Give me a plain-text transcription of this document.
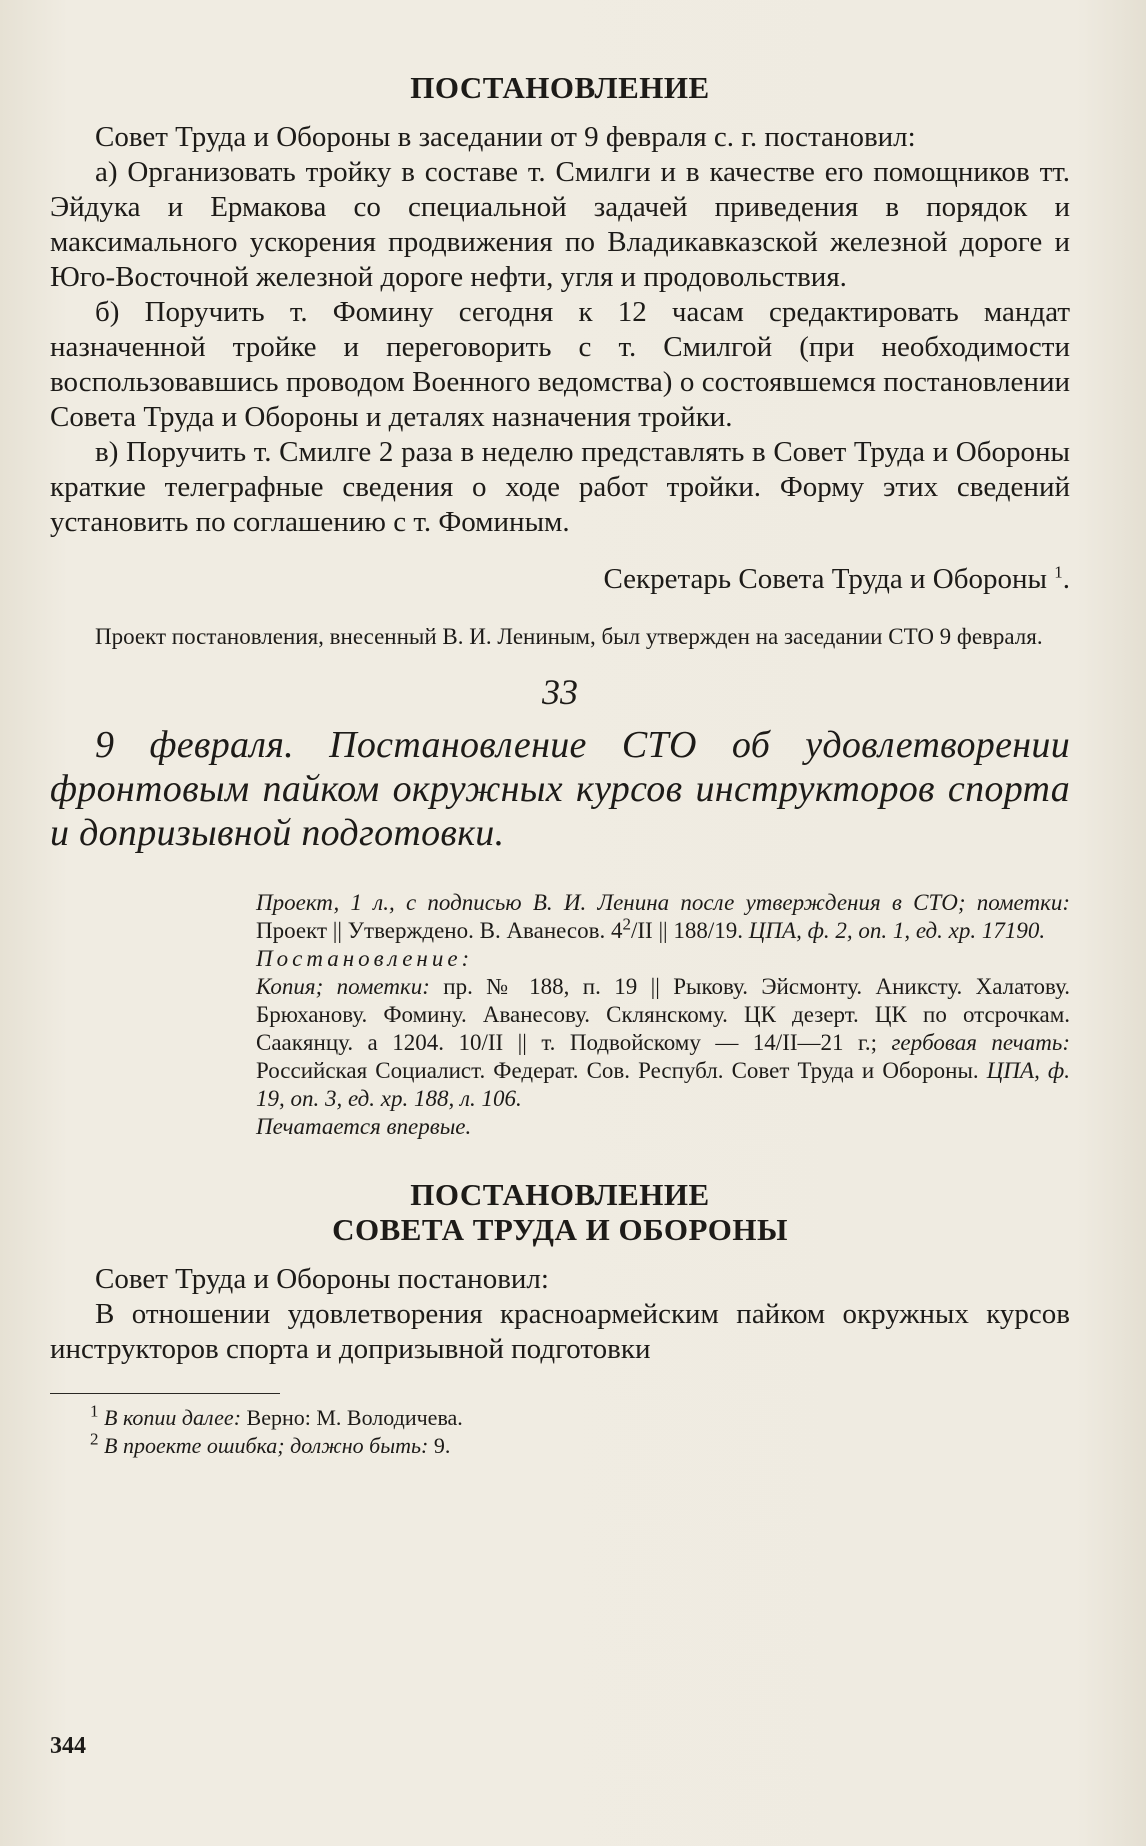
ПОСТАНОВЛЕНИЕ

Совет Труда и Обороны в заседании от 9 февраля с. г. постановил:

а) Организовать тройку в составе т. Смилги и в качестве его помощников тт. Эйдука и Ермакова со специальной задачей приведения в порядок и максимального ускорения продвижения по Владикавказской железной дороге и Юго-Восточной железной дороге нефти, угля и продовольствия.

б) Поручить т. Фомину сегодня к 12 часам средактировать мандат назначенной тройке и переговорить с т. Смилгой (при необходимости воспользовавшись проводом Военного ведомства) о состоявшемся постановлении Совета Труда и Обороны и деталях назначения тройки.

в) Поручить т. Смилге 2 раза в неделю представлять в Совет Труда и Обороны краткие телеграфные сведения о ходе работ тройки. Форму этих сведений установить по соглашению с т. Фоминым.

Секретарь Совета Труда и Обороны $^1$.

Проект постановления, внесенный В. И. Лениным, был утвержден на заседании СТО 9 февраля.

33

9 февраля. Постановление СТО об удовлетворении фронтовым пайком окружных курсов инструкторов спорта и допризывной подготовки.

Проект, 1 л., с подписью В. И. Ленина после утверждения в СТО; пометки: Проект || Утверждено. В. Аванесов. $4^2/II$ || 188/19. ЦПА, ф. 2, оп. 1, ед. хр. 17190.

Постановление:

Копия; пометки: пр. № 188, п. 19 || Рыкову. Эйсмонту. Аниксту. Халатову. Брюханову. Фомину. Аванесову. Склянскому. ЦК дезерт. ЦК по отсрочкам. Саакянцу. а 1204. 10/II || т. Подвойскому — 14/II—21 г.; гербовая печать: Российская Социалист. Федерат. Сов. Республ. Совет Труда и Обороны. ЦПА, ф. 19, оп. 3, ед. хр. 188, л. 106.

Печатается впервые.

ПОСТАНОВЛЕНИЕ
СОВЕТА ТРУДА И ОБОРОНЫ

Совет Труда и Обороны постановил:

В отношении удовлетворения красноармейским пайком окружных курсов инструкторов спорта и допризывной подготовки

$^1$ В копии далее: Верно: М. Володичева.

$^2$ В проекте ошибка; должно быть: 9.

344
